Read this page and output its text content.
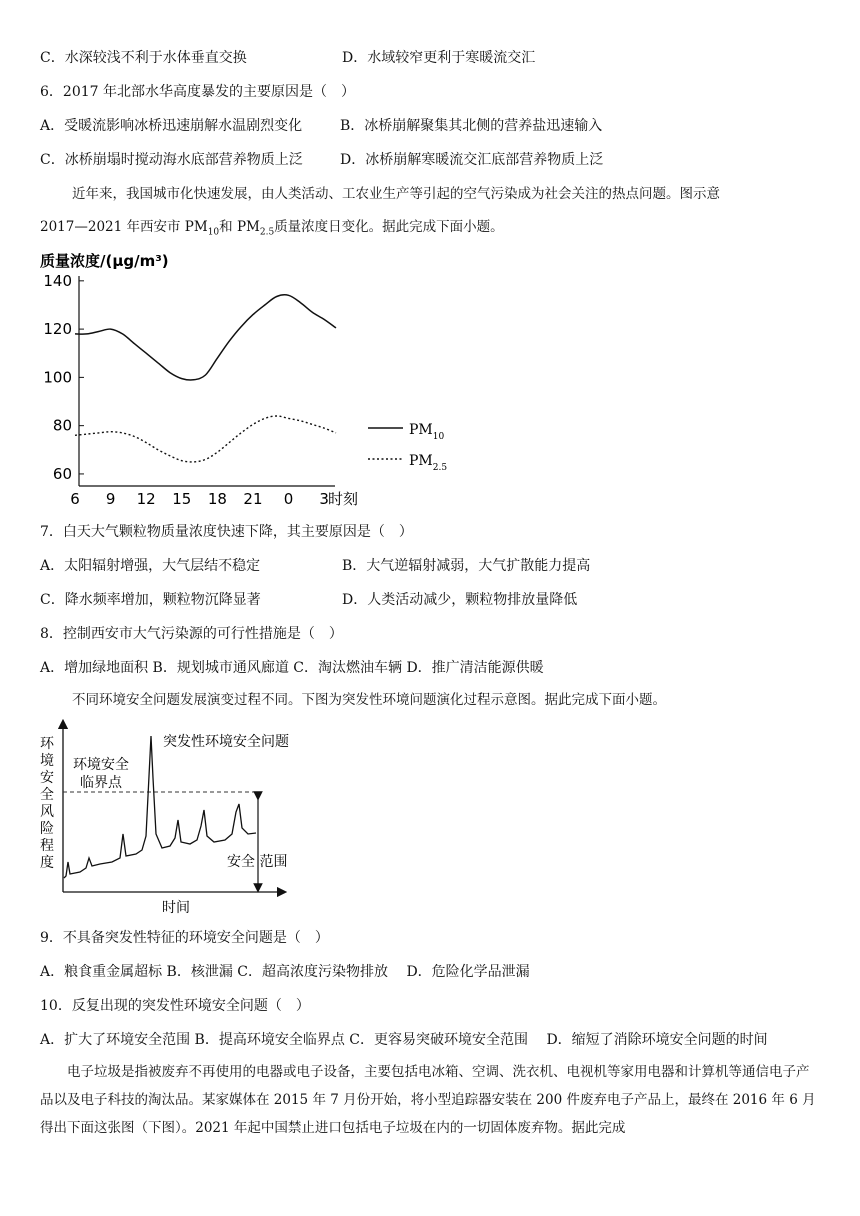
C．水深较浅不利于水体垂直交换	D．水域较窄更利于寒暖流交汇
6．2017 年北部水华高度暴发的主要原因是（　）
A．受暖流影响冰桥迅速崩解水温剧烈变化	B．冰桥崩解聚集其北侧的营养盐迅速输入
C．冰桥崩塌时搅动海水底部营养物质上泛	D．冰桥崩解寒暖流交汇底部营养物质上泛
近年来，我国城市化快速发展，由人类活动、工农业生产等引起的空气污染成为社会关注的热点问题。图示意
2017—2021 年西安市 $PM_{10}$和 $PM_{2.5}$质量浓度日变化。据此完成下面小题。
质量浓度/(μg/m³)
60
80
100
120
140
6 9 12 15 18 21 0 3 时刻
$PM_{10}$
$PM_{2.5}$
7．白天大气颗粒物质量浓度快速下降，其主要原因是（　）
A．太阳辐射增强，大气层结不稳定	B．大气逆辐射减弱，大气扩散能力提高
C．降水频率增加，颗粒物沉降显著	D．人类活动减少，颗粒物排放量降低
8．控制西安市大气污染源的可行性措施是（　）
A．增加绿地面积 B．规划城市通风廊道 C．淘汰燃油车辆 D．推广清洁能源供暖
不同环境安全问题发展演变过程不同。下图为突发性环境问题演化过程示意图。据此完成下面小题。
环
境
安
全
风
险
程
度
突发性环境安全问题
环境安全
临界点
安全 范围
时间
9．不具备突发性特征的环境安全问题是（　）
A．粮食重金属超标 B．核泄漏 C．超高浓度污染物排放　 D．危险化学品泄漏
10．反复出现的突发性环境安全问题（　）
A．扩大了环境安全范围 B．提高环境安全临界点 C．更容易突破环境安全范围　 D．缩短了消除环境安全问题的时间
电子垃圾是指被废弃不再使用的电器或电子设备，主要包括电冰箱、空调、洗衣机、电视机等家用电器和计算机等通信电子产品以及电子科技的淘汰品。某家媒体在 2015 年 7 月份开始，将小型追踪器安装在 200 件废弃电子产品上，最终在 2016 年 6 月得出下面这张图（下图）。2021 年起中国禁止进口包括电子垃圾在内的一切固体废弃物。据此完成
